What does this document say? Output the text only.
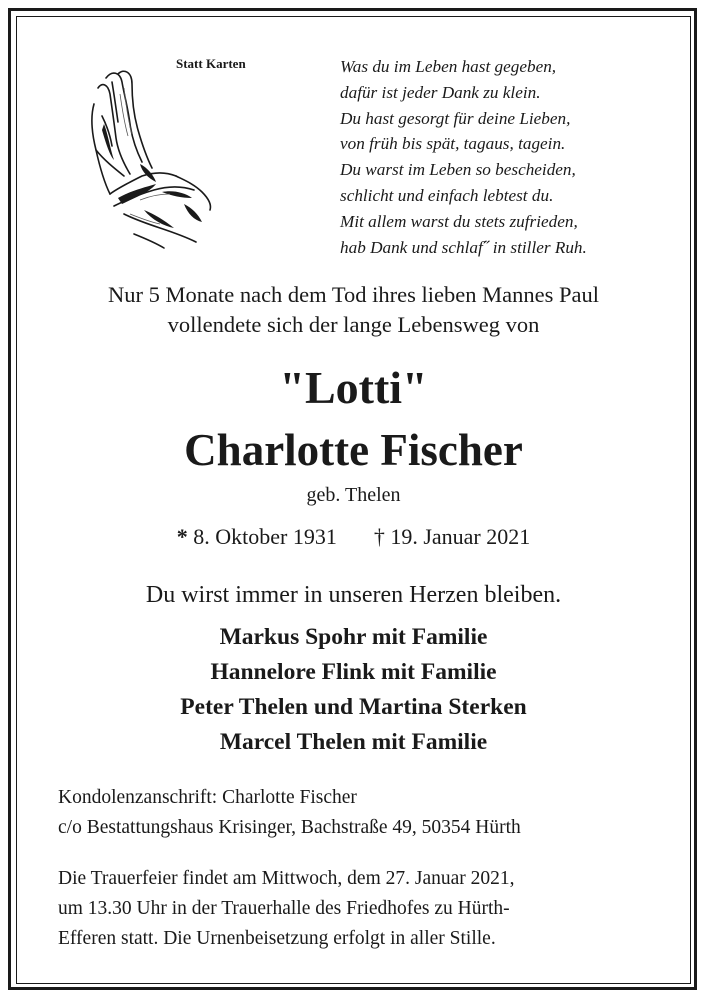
Statt Karten	Was du im Leben hast gegeben,
dafür ist jeder Dank zu klein.
Du hast gesorgt für deine Lieben,
von früh bis spät, tagaus, tagein.
Du warst im Leben so bescheiden,
schlicht und einfach lebtest du.
Mit allem warst du stets zufrieden,
hab Dank und schlaf˝ in stiller Ruh.
Nur 5 Monate nach dem Tod ihres lieben Mannes Paul
vollendete sich der lange Lebensweg von
"Lotti"
Charlotte Fischer
geb. Thelen
* 8. Oktober 1931 † 19. Januar 2021
Du wirst immer in unseren Herzen bleiben.
Markus Spohr mit Familie
Hannelore Flink mit Familie
Peter Thelen und Martina Sterken
Marcel Thelen mit Familie
Kondolenzanschrift: Charlotte Fischer
c/o Bestattungshaus Krisinger, Bachstraße 49, 50354 Hürth
Die Trauerfeier findet am Mittwoch, dem 27. Januar 2021,
um 13.30 Uhr in der Trauerhalle des Friedhofes zu Hürth-
Efferen statt. Die Urnenbeisetzung erfolgt in aller Stille.
